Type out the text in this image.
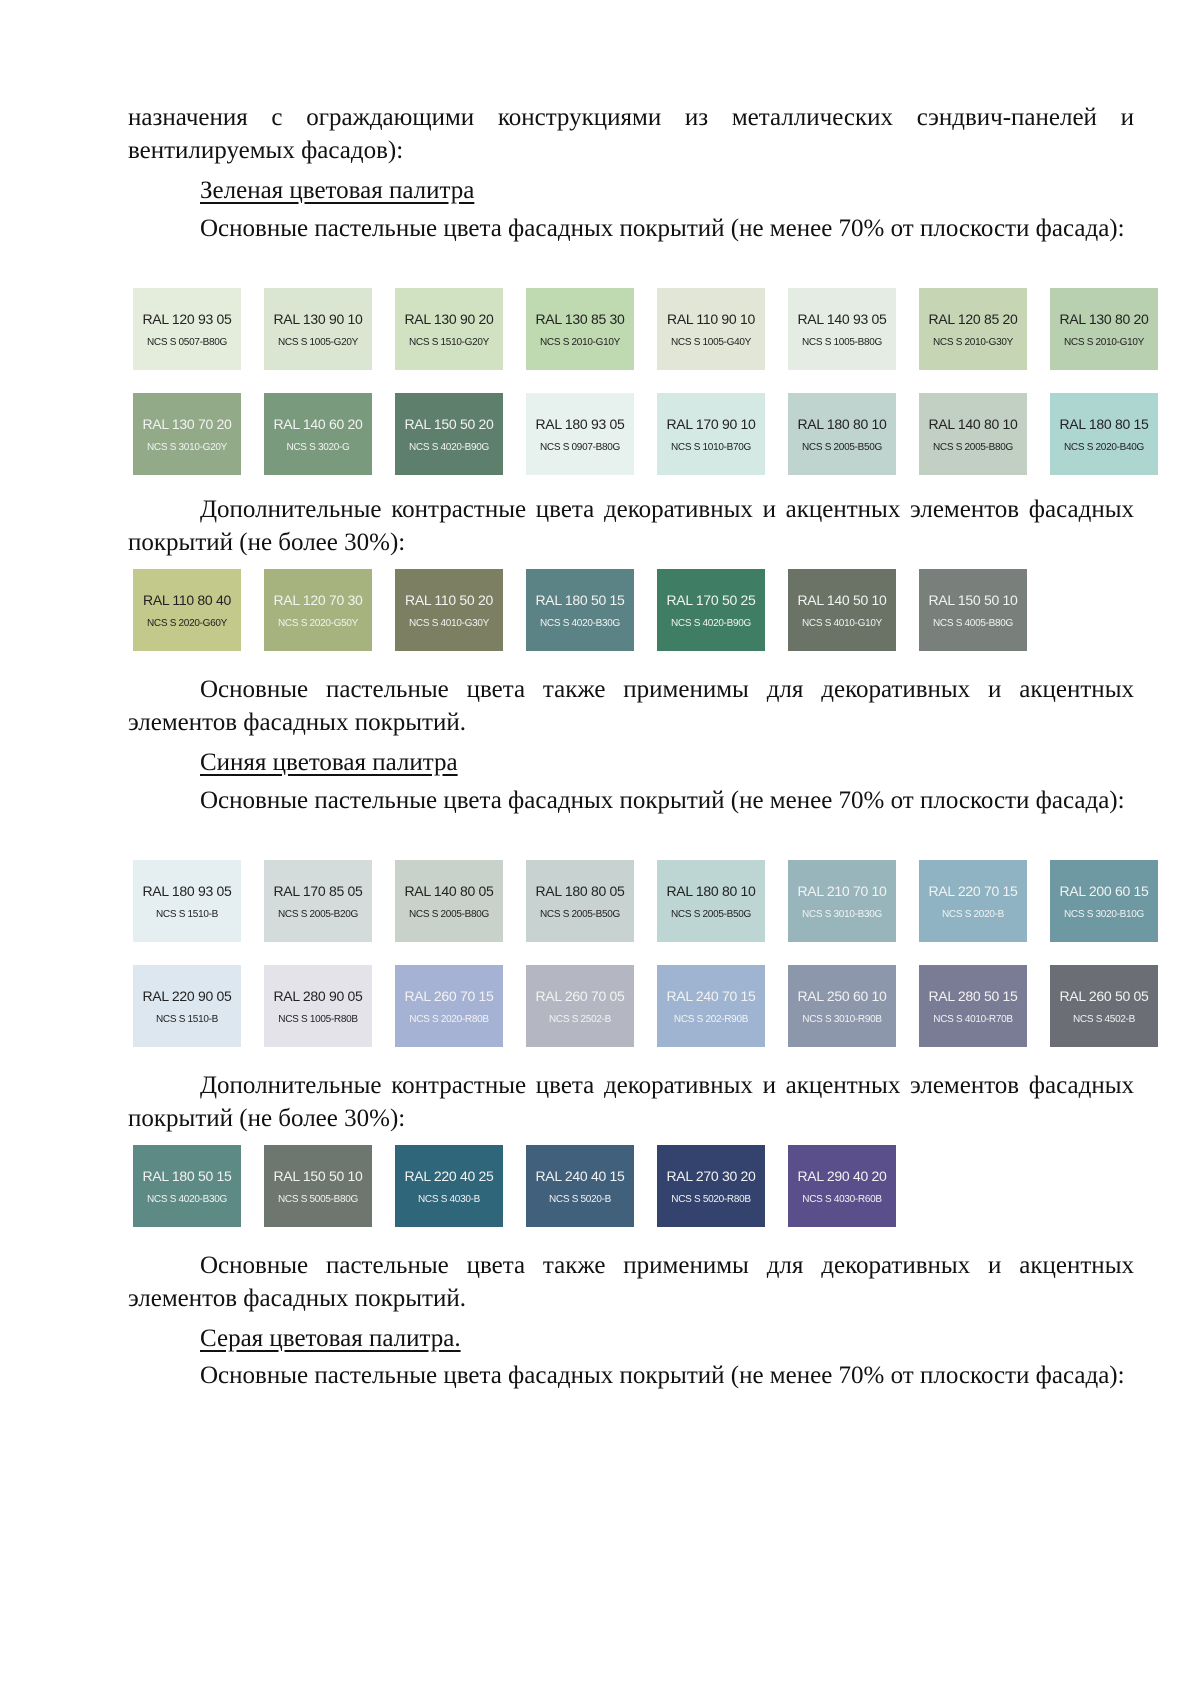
назначения с ограждающими конструкциями из металлических сэндвич-панелей и

вентилируемых фасадов):

Зеленая цветовая палитра

Основные пастельные цвета фасадных покрытий (не менее 70% от плоскости фасада):

RAL 120 93 05
NCS S 0507-B80G
RAL 130 90 10
NCS S 1005-G20Y
RAL 130 90 20
NCS S 1510-G20Y
RAL 130 85 30
NCS S 2010-G10Y
RAL 110 90 10
NCS S 1005-G40Y
RAL 140 93 05
NCS S 1005-B80G
RAL 120 85 20
NCS S 2010-G30Y
RAL 130 80 20
NCS S 2010-G10Y
RAL 130 70 20
NCS S 3010-G20Y
RAL 140 60 20
NCS S 3020-G
RAL 150 50 20
NCS S 4020-B90G
RAL 180 93 05
NCS S 0907-B80G
RAL 170 90 10
NCS S 1010-B70G
RAL 180 80 10
NCS S 2005-B50G
RAL 140 80 10
NCS S 2005-B80G
RAL 180 80 15
NCS S 2020-B40G

Дополнительные контрастные цвета декоративных и акцентных элементов фасадных покрытий (не более 30%):

RAL 110 80 40
NCS S 2020-G60Y
RAL 120 70 30
NCS S 2020-G50Y
RAL 110 50 20
NCS S 4010-G30Y
RAL 180 50 15
NCS S 4020-B30G
RAL 170 50 25
NCS S 4020-B90G
RAL 140 50 10
NCS S 4010-G10Y
RAL 150 50 10
NCS S 4005-B80G

Основные пастельные цвета также применимы для декоративных и акцентных элементов фасадных покрытий.

Синяя цветовая палитра

Основные пастельные цвета фасадных покрытий (не менее 70% от плоскости фасада):

RAL 180 93 05
NCS S 1510-B
RAL 170 85 05
NCS S 2005-B20G
RAL 140 80 05
NCS S 2005-B80G
RAL 180 80 05
NCS S 2005-B50G
RAL 180 80 10
NCS S 2005-B50G
RAL 210 70 10
NCS S 3010-B30G
RAL 220 70 15
NCS S 2020-B
RAL 200 60 15
NCS S 3020-B10G
RAL 220 90 05
NCS S 1510-B
RAL 280 90 05
NCS S 1005-R80B
RAL 260 70 15
NCS S 2020-R80B
RAL 260 70 05
NCS S 2502-B
RAL 240 70 15
NCS S 202-R90B
RAL 250 60 10
NCS S 3010-R90B
RAL 280 50 15
NCS S 4010-R70B
RAL 260 50 05
NCS S 4502-B

Дополнительные контрастные цвета декоративных и акцентных элементов фасадных покрытий (не более 30%):

RAL 180 50 15
NCS S 4020-B30G
RAL 150 50 10
NCS S 5005-B80G
RAL 220 40 25
NCS S 4030-B
RAL 240 40 15
NCS S 5020-B
RAL 270 30 20
NCS S 5020-R80B
RAL 290 40 20
NCS S 4030-R60B

Основные пастельные цвета также применимы для декоративных и акцентных элементов фасадных покрытий.

Серая цветовая палитра.

Основные пастельные цвета фасадных покрытий (не менее 70% от плоскости фасада):
